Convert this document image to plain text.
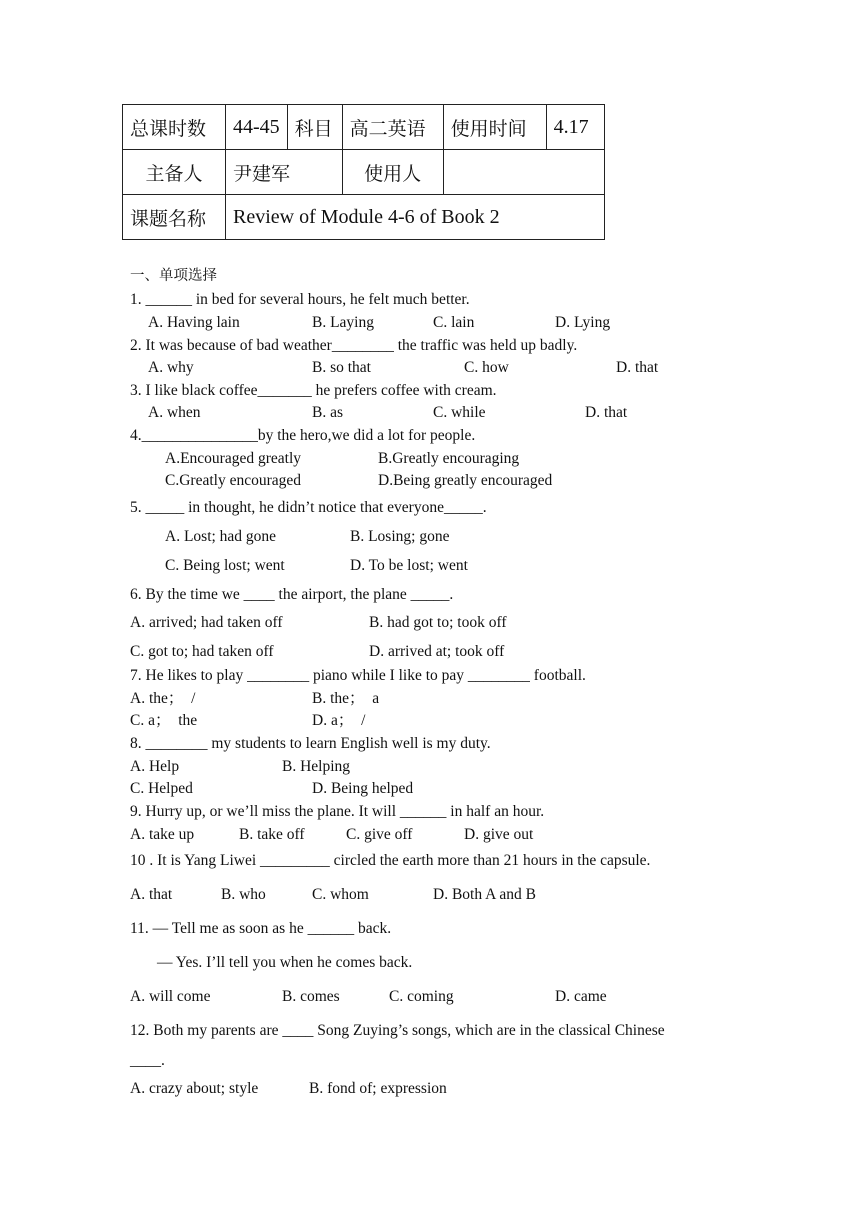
总课时数	44-45	科目	高二英语	使用时间	4.17
主备人	尹建军		使用人		
课题名称	Review of Module 4-6 of Book 2				
一、单项选择
1. ______ in bed for several hours, he felt much better.
A. Having lain	B. Laying	C. lain	D. Lying
2. It was because of bad weather________ the traffic was held up badly.
A. why	B. so that	C. how	D. that
3. I like black coffee_______ he prefers coffee with cream.
A. when	B. as	C. while	D. that
4._______________by the hero,we did a lot for people.
A.Encouraged greatly	B.Greatly encouraging
C.Greatly encouraged	D.Being greatly encouraged
5. _____ in thought, he didn’t notice that everyone_____.
A. Lost; had gone	B. Losing; gone
C. Being lost; went	D. To be lost; went
6. By the time we ____ the airport, the plane _____.
A. arrived; had taken off	B. had got to; took off
C. got to; had taken off	D. arrived at; took off
7. He likes to play ________ piano while I like to pay ________ football.
A. the；  /	B. the；  a
C. a；  the	D. a；  /
8. ________ my students to learn English well is my duty.
A. Help	B. Helping
C. Helped	D. Being helped
9. Hurry up, or we’ll miss the plane. It will ______ in half an hour.
A. take up	B. take off	C. give off	D. give out
10 . It is Yang Liwei _________ circled the earth more than 21 hours in the capsule.
A. that	B. who	C. whom	D. Both A and B
11. — Tell me as soon as he ______ back.
— Yes. I’ll tell you when he comes back.
A. will come	B. comes	C. coming	D. came
12. Both my parents are ____ Song Zuying’s songs, which are in the classical Chinese
____.
A. crazy about; style	B. fond of; expression
